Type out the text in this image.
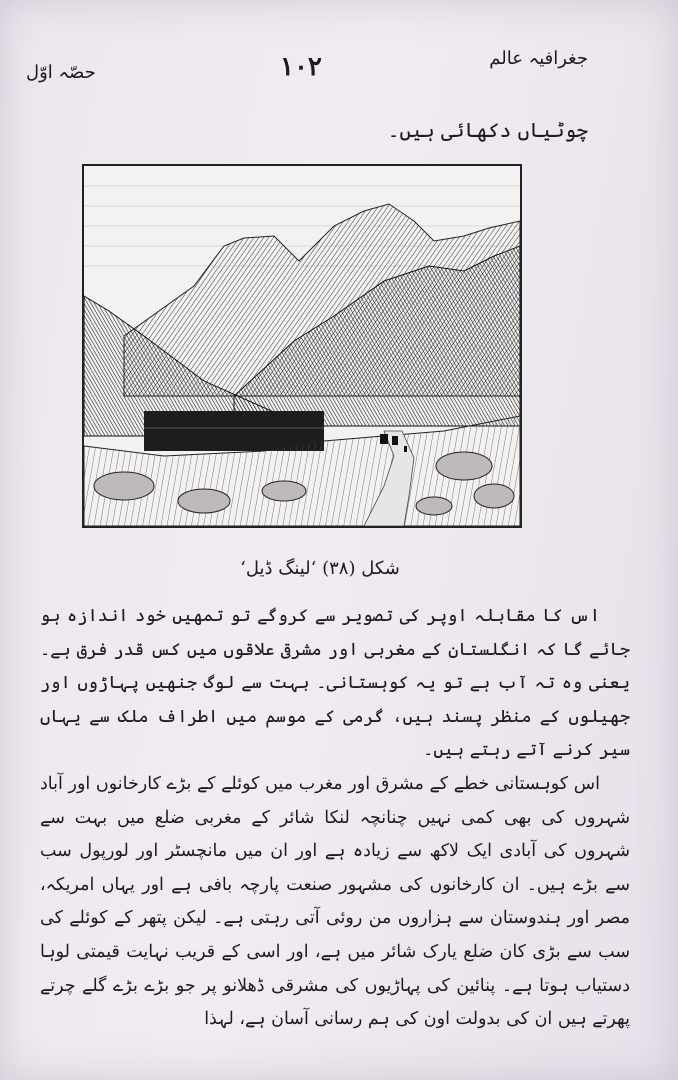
حصّہ اوّل	۱۰۲	جغرافیہ عالم
چوٹیاں دکھائی ہیں۔
شکل (۳۸) ‘لینگ ڈیل‘

اس کا مقابلہ اوپر کی تصویر سے کروگے تو تمھیں خود اندازہ ہو جائے گا کہ انگلستان کے مغربی اور مشرقی علاقوں میں کس قدر فرق ہے۔ یعنی وہ تہ آب ہے تو یہ کوہستانی۔ بہت سے لوگ جنھیں پہاڑوں اور جھیلوں کے منظر پسند ہیں، گرمی کے موسم میں اطراف ملک سے یہاں سیر کرنے آتے رہتے ہیں۔

اس کوہستانی خطے کے مشرق اور مغرب میں کوئلے کے بڑے کارخانوں اور آباد شہروں کی بھی کمی نہیں چنانچہ لنکا شائر کے مغربی ضلع میں بہت سے شہروں کی آبادی ایک لاکھ سے زیادہ ہے اور ان میں مانچسٹر اور لورپول سب سے بڑے ہیں۔ ان کارخانوں کی مشہور صنعت پارچہ بافی ہے اور یہاں امریکہ، مصر اور ہندوستان سے ہزاروں من روئی آتی رہتی ہے۔ لیکن پتھر کے کوئلے کی سب سے بڑی کان ضلع یارک شائر میں ہے، اور اسی کے قریب نہایت قیمتی لوہا دستیاب ہوتا ہے۔ پنائین کی پہاڑیوں کی مشرقی ڈھلانو پر جو بڑے بڑے گلے چرتے پھرتے ہیں ان کی بدولت اون کی ہم رسانی آسان ہے، لہذا
